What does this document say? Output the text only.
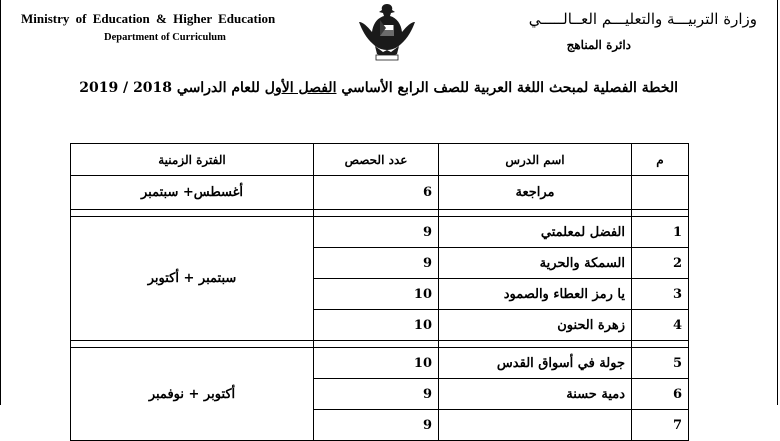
Ministry of Education & Higher Education
Department of Curriculum
وزارة التربيـــة والتعليـــم العــالـــــي
دائرة المناهج
الخطة الفصلية لمبحث اللغة العربية للصف الرابع الأساسي الفصل الأول للعام الدراسي 2018 / 2019
م	اسم الدرس	عدد الحصص	الفترة الزمنية
	مراجعة	6	أغسطس+ سبتمبر

1	الفضل لمعلمتي	9	سبتمبر + أكتوبر
2	السمكة والحرية	9	
3	يا رمز العطاء والصمود	10	
4	زهرة الحنون	10	

5	جولة في أسواق القدس	10	أكتوبر + نوفمبر
6	دمية حسنة	9	
7		9	
